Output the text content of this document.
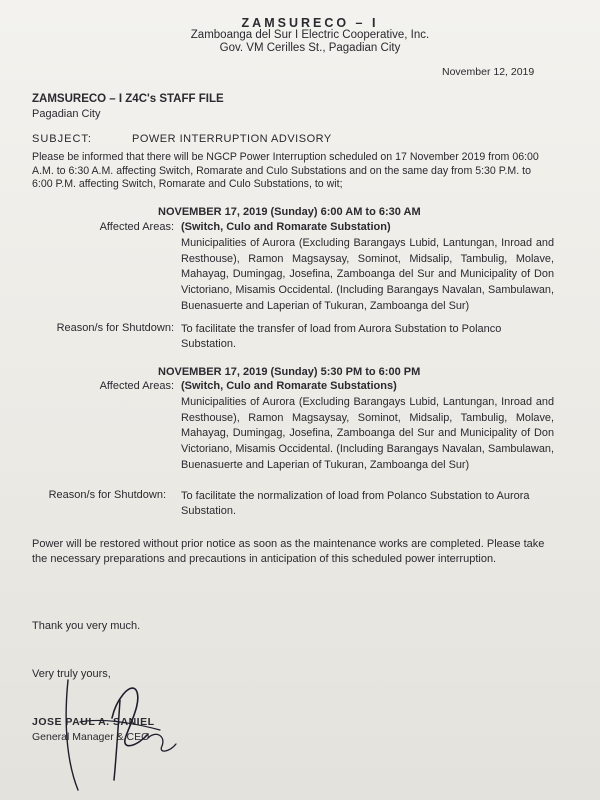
ZAMSURECO – I
Zamboanga del Sur I Electric Cooperative, Inc.
Gov. VM Cerilles St., Pagadian City
November 12, 2019
ZAMSURECO – I Z4C's STAFF FILE
Pagadian City
SUBJECT:	POWER INTERRUPTION ADVISORY
Please be informed that there will be NGCP Power Interruption scheduled on 17 November 2019 from 06:00 A.M. to 6:30 A.M. affecting Switch, Romarate and Culo Substations and on the same day from 5:30 P.M. to 6:00 P.M. affecting Switch, Romarate and Culo Substations, to wit;
NOVEMBER 17, 2019 (Sunday) 6:00 AM to 6:30 AM
Affected Areas: (Switch, Culo and Romarate Substation)
Municipalities of Aurora (Excluding Barangays Lubid, Lantungan, Inroad and Resthouse), Ramon Magsaysay, Sominot, Midsalip, Tambulig, Molave, Mahayag, Dumingag, Josefina, Zamboanga del Sur and Municipality of Don Victoriano, Misamis Occidental. (Including Barangays Navalan, Sambulawan, Buenasuerte and Laperian of Tukuran, Zamboanga del Sur)
Reason/s for Shutdown: To facilitate the transfer of load from Aurora Substation to Polanco Substation.
NOVEMBER 17, 2019 (Sunday) 5:30 PM to 6:00 PM
Affected Areas: (Switch, Culo and Romarate Substations)
Municipalities of Aurora (Excluding Barangays Lubid, Lantungan, Inroad and Resthouse), Ramon Magsaysay, Sominot, Midsalip, Tambulig, Molave, Mahayag, Dumingag, Josefina, Zamboanga del Sur and Municipality of Don Victoriano, Misamis Occidental. (Including Barangays Navalan, Sambulawan, Buenasuerte and Laperian of Tukuran, Zamboanga del Sur)
Reason/s for Shutdown: To facilitate the normalization of load from Polanco Substation to Aurora Substation.
Power will be restored without prior notice as soon as the maintenance works are completed. Please take the necessary preparations and precautions in anticipation of this scheduled power interruption.
Thank you very much.
Very truly yours,
JOSE PAUL A. SANIEL
General Manager & CEO
